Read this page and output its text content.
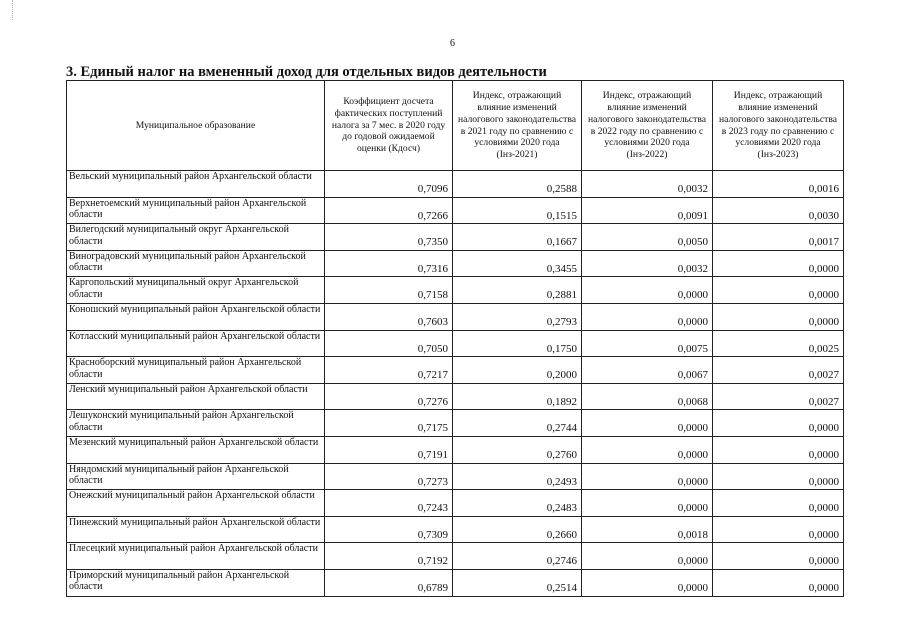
6
3. Единый налог на вмененный доход для отдельных видов деятельности
Муниципальное образование	Коэффициент досчета фактических поступлений налога за 7 мес. в 2020 году до годовой ожидаемой оценки (Кдосч)	Индекс, отражающий влияние изменений налогового законодательства в 2021 году по сравнению с условиями 2020 года (Iнз-2021)	Индекс, отражающий влияние изменений налогового законодательства в 2022 году по сравнению с условиями 2020 года (Iнз-2022)	Индекс, отражающий влияние изменений налогового законодательства в 2023 году по сравнению с условиями 2020 года (Iнз-2023)
Вельский муниципальный район Архангельской области	0,7096	0,2588	0,0032	0,0016
Верхнетоемский муниципальный район Архангельской области	0,7266	0,1515	0,0091	0,0030
Вилегодский муниципальный округ Архангельской области	0,7350	0,1667	0,0050	0,0017
Виноградовский муниципальный район Архангельской области	0,7316	0,3455	0,0032	0,0000
Каргопольский муниципальный округ Архангельской области	0,7158	0,2881	0,0000	0,0000
Коношский муниципальный район Архангельской области	0,7603	0,2793	0,0000	0,0000
Котласский муниципальный район Архангельской области	0,7050	0,1750	0,0075	0,0025
Красноборский муниципальный район Архангельской области	0,7217	0,2000	0,0067	0,0027
Ленский муниципальный район Архангельской области	0,7276	0,1892	0,0068	0,0027
Лешуконский муниципальный район Архангельской области	0,7175	0,2744	0,0000	0,0000
Мезенский муниципальный район Архангельской области	0,7191	0,2760	0,0000	0,0000
Няндомский муниципальный район Архангельской области	0,7273	0,2493	0,0000	0,0000
Онежский муниципальный район Архангельской области	0,7243	0,2483	0,0000	0,0000
Пинежский муниципальный район Архангельской области	0,7309	0,2660	0,0018	0,0000
Плесецкий муниципальный район Архангельской области	0,7192	0,2746	0,0000	0,0000
Приморский муниципальный район Архангельской области	0,6789	0,2514	0,0000	0,0000
